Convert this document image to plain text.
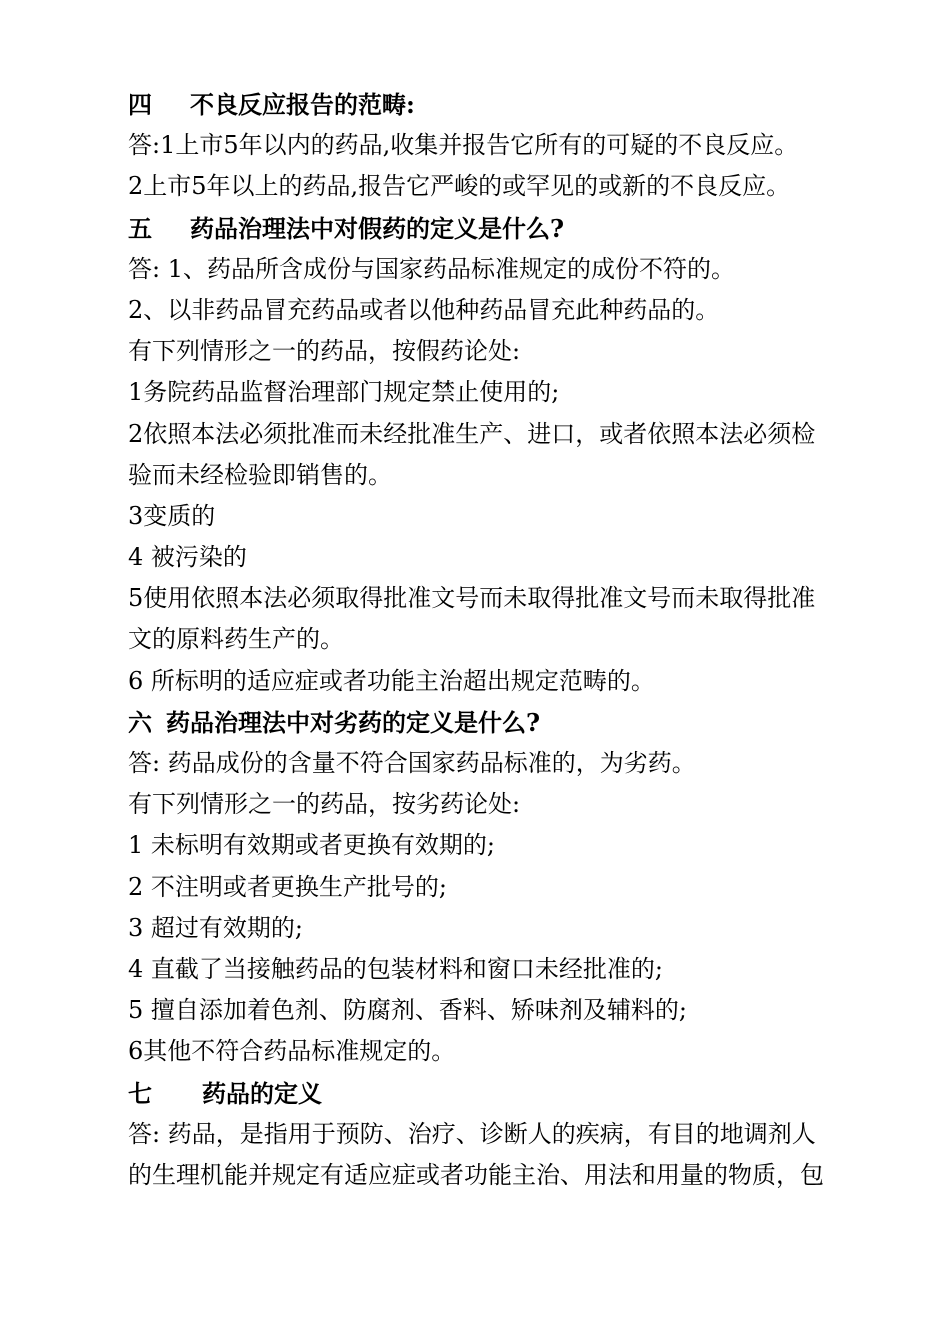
四 不良反应报告的范畴:
答:1上市5年以内的药品,收集并报告它所有的可疑的不良反应。
2上市5年以上的药品,报告它严峻的或罕见的或新的不良反应。
五 药品治理法中对假药的定义是什么?
答: 1、药品所含成份与国家药品标准规定的成份不符的。
2、以非药品冒充药品或者以他种药品冒充此种药品的。
有下列情形之一的药品，按假药论处:
1务院药品监督治理部门规定禁止使用的;
2依照本法必须批准而未经批准生产、进口，或者依照本法必须检
验而未经检验即销售的。
3变质的
4 被污染的
5使用依照本法必须取得批准文号而未取得批准文号而未取得批准
文的原料药生产的。
6 所标明的适应症或者功能主治超出规定范畴的。
六 药品治理法中对劣药的定义是什么?
答: 药品成份的含量不符合国家药品标准的，为劣药。
有下列情形之一的药品，按劣药论处:
1 未标明有效期或者更换有效期的;
2 不注明或者更换生产批号的;
3 超过有效期的;
4 直截了当接触药品的包装材料和窗口未经批准的;
5 擅自添加着色剂、防腐剂、香料、矫味剂及辅料的;
6其他不符合药品标准规定的。
七 药品的定义
答: 药品，是指用于预防、治疗、诊断人的疾病，有目的地调剂人
的生理机能并规定有适应症或者功能主治、用法和用量的物质，包
